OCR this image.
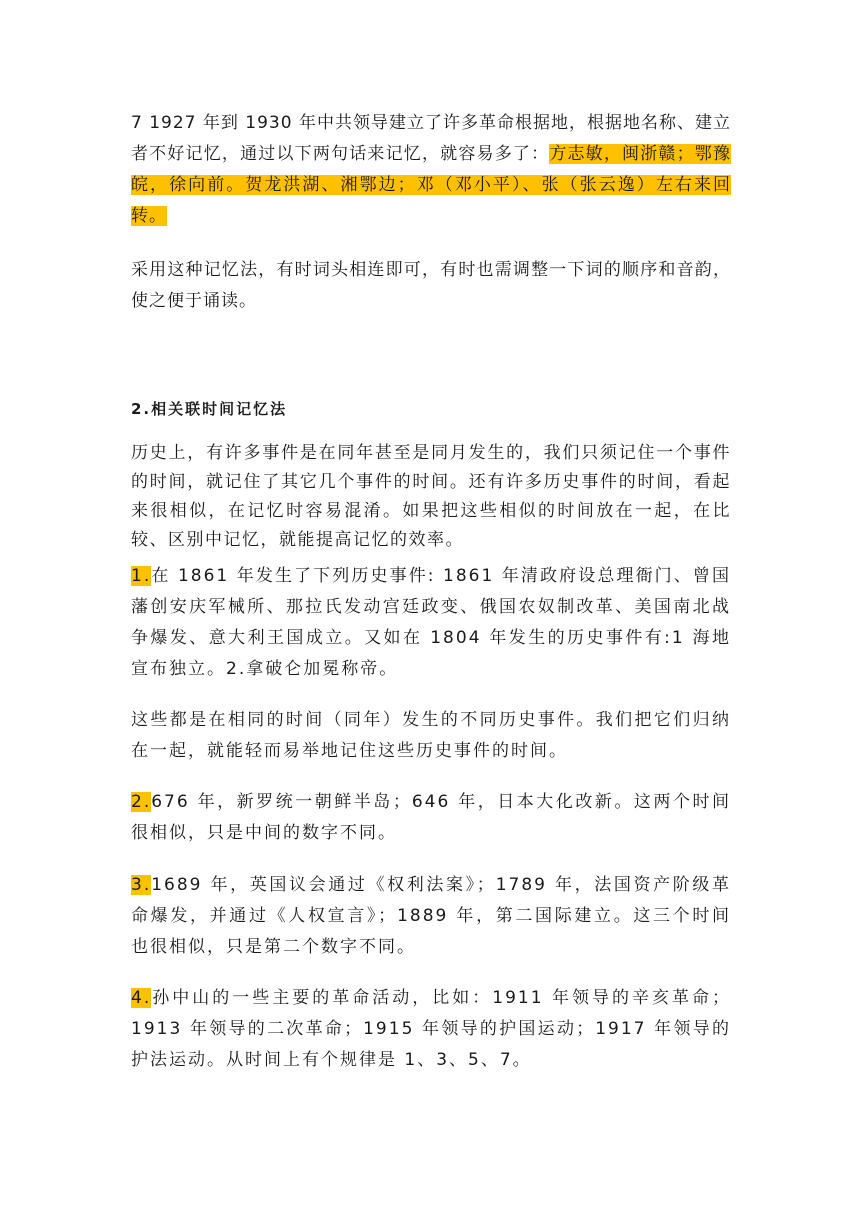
7 1927 年到 1930 年中共领导建立了许多革命根据地，根据地名称、建立者不好记忆，通过以下两句话来记忆，就容易多了：方志敏，闽浙赣；鄂豫皖，徐向前。贺龙洪湖、湘鄂边；邓（邓小平）、张（张云逸）左右来回转。

采用这种记忆法，有时词头相连即可，有时也需调整一下词的顺序和音韵，使之便于诵读。

2.相关联时间记忆法

历史上，有许多事件是在同年甚至是同月发生的，我们只须记住一个事件的时间，就记住了其它几个事件的时间。还有许多历史事件的时间，看起来很相似，在记忆时容易混淆。如果把这些相似的时间放在一起，在比较、区别中记忆，就能提高记忆的效率。

1.在 1861 年发生了下列历史事件: 1861 年清政府设总理衙门、曾国藩创安庆军械所、那拉氏发动宫廷政变、俄国农奴制改革、美国南北战争爆发、意大利王国成立。又如在 1804 年发生的历史事件有:1 海地宣布独立。2.拿破仑加冕称帝。

这些都是在相同的时间（同年）发生的不同历史事件。我们把它们归纳在一起，就能轻而易举地记住这些历史事件的时间。

2.676 年，新罗统一朝鲜半岛；646 年，日本大化改新。这两个时间很相似，只是中间的数字不同。

3.1689 年，英国议会通过《权利法案》；1789 年，法国资产阶级革命爆发，并通过《人权宣言》；1889 年，第二国际建立。这三个时间也很相似，只是第二个数字不同。

4.孙中山的一些主要的革命活动，比如：1911 年领导的辛亥革命；1913 年领导的二次革命；1915 年领导的护国运动；1917 年领导的护法运动。从时间上有个规律是 1、3、5、7。
